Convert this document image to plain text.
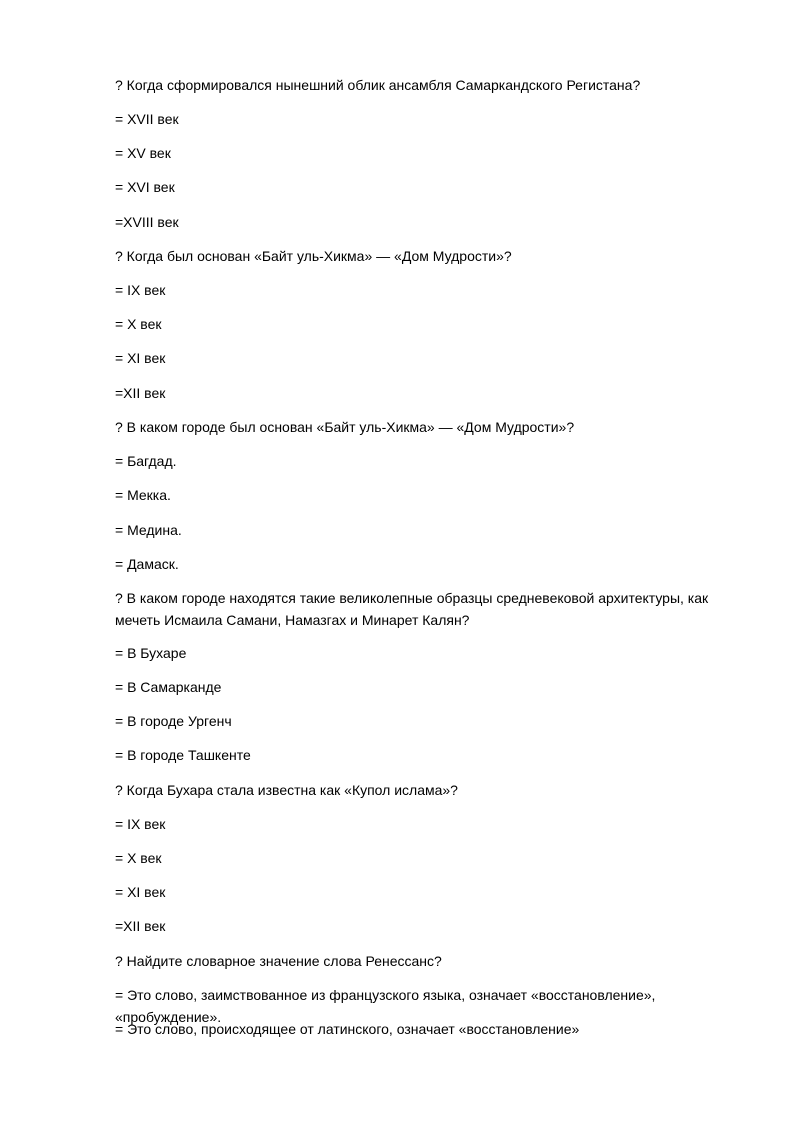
? Когда сформировался нынешний облик ансамбля Самаркандского Регистана?
= XVII век
= XV век
= XVI век
=XVIII век
? Когда был основан «Байт уль-Хикма» — «Дом Мудрости»?
= IX век
= X век
= XI век
=XII век
? В каком городе был основан «Байт уль-Хикма» — «Дом Мудрости»?
= Багдад.
= Мекка.
= Медина.
= Дамаск.
? В каком городе находятся такие великолепные образцы средневековой архитектуры, как мечеть Исмаила Самани, Намазгах и Минарет Калян?
= В Бухаре
= В Самарканде
= В городе Ургенч
= В городе Ташкенте
? Когда Бухара стала известна как «Купол ислама»?
= IX век
= X век
= XI век
=XII век
? Найдите словарное значение слова Ренессанс?
= Это слово, заимствованное из французского языка, означает «восстановление», «пробуждение».
= Это слово, происходящее от латинского, означает «восстановление»
